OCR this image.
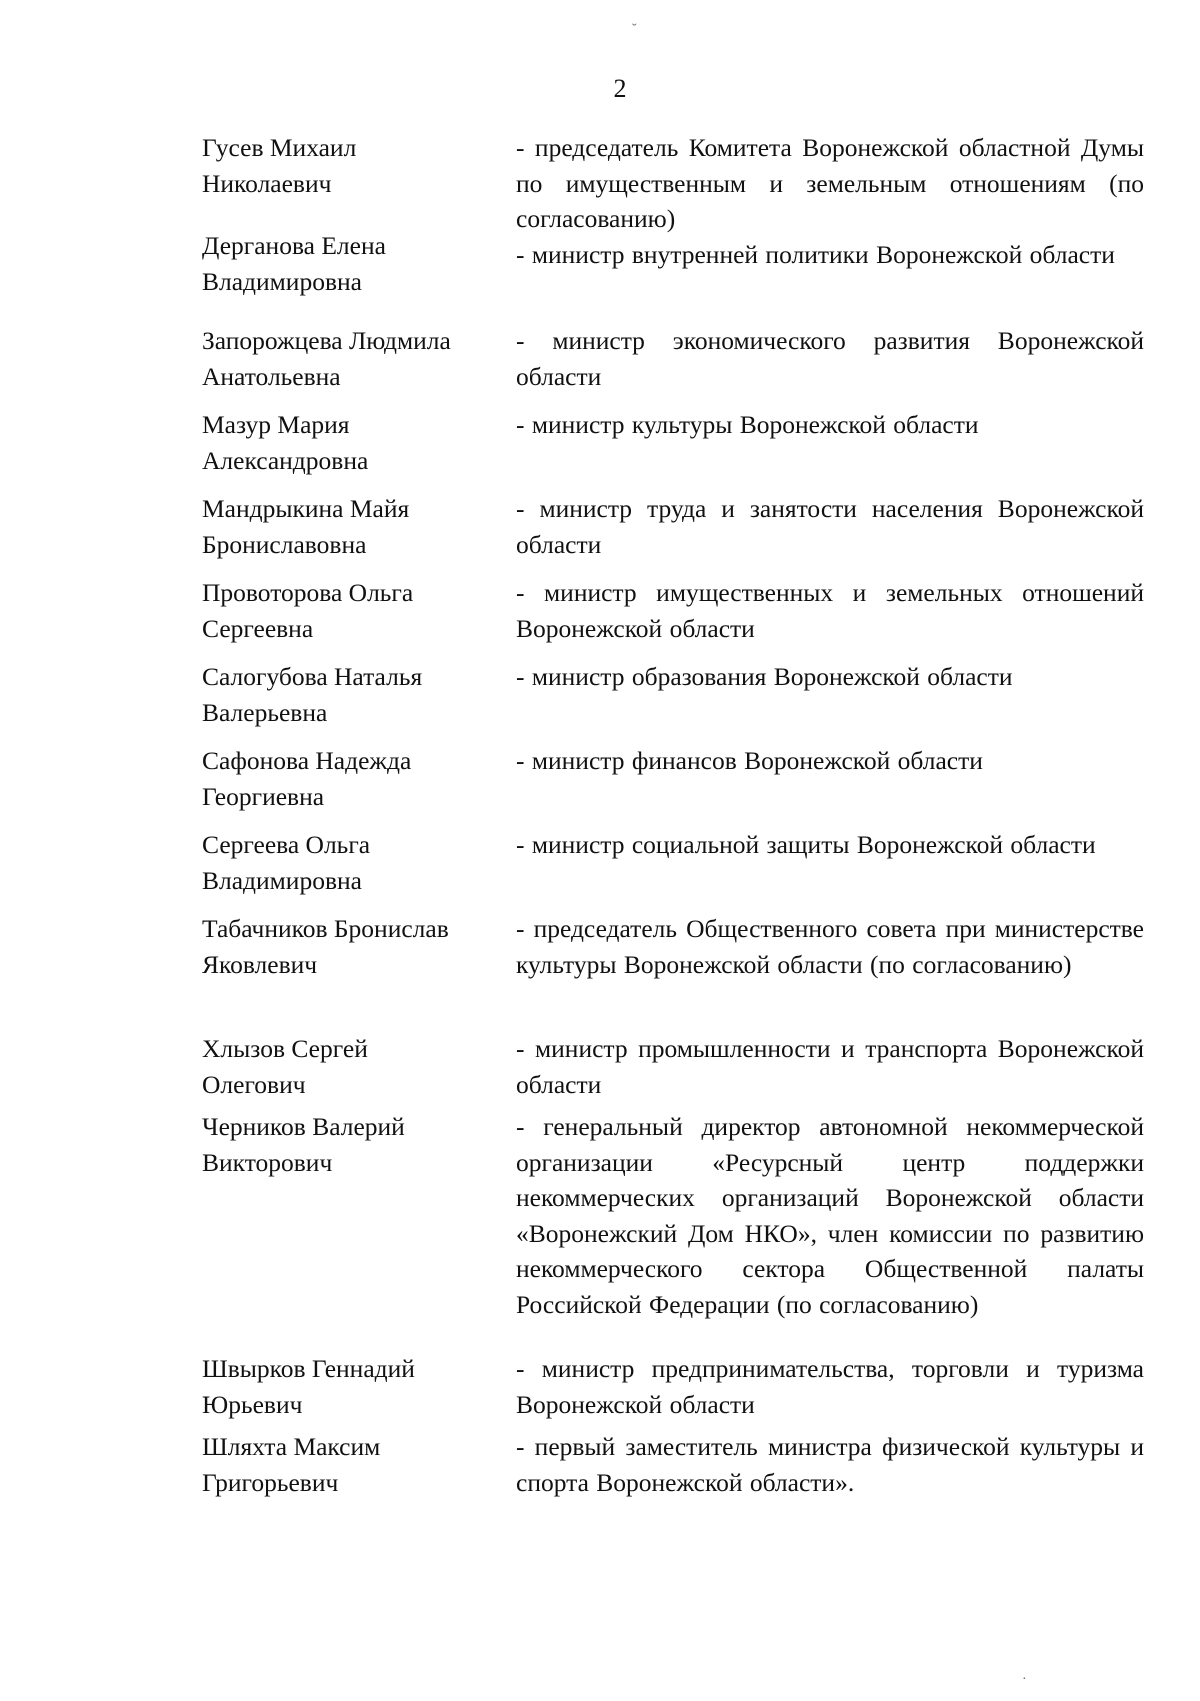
˘
2
Гусев Михаил
Николаевич
- председатель Комитета Воронежской областной Думы по имущественным и земельным отношениям (по согласованию)
Дерганова Елена
Владимировна
- министр внутренней политики Воронежской области
Запорожцева Людмила
Анатольевна
- министр экономического развития Воронежской области
Мазур Мария
Александровна
- министр культуры Воронежской области
Мандрыкина Майя
Брониславовна
- министр труда и занятости населения Воронежской области
Провоторова Ольга
Сергеевна
- министр имущественных и земельных отношений Воронежской области
Салогубова Наталья
Валерьевна
- министр образования Воронежской области
Сафонова Надежда
Георгиевна
- министр финансов Воронежской области
Сергеева Ольга
Владимировна
- министр социальной защиты Воронежской области
Табачников Бронислав
Яковлевич
- председатель Общественного совета при министерстве культуры Воронежской области (по согласованию)
Хлызов Сергей
Олегович
- министр промышленности и транспорта Воронежской области
Черников Валерий
Викторович
- генеральный директор автономной некоммерческой организации «Ресурсный центр поддержки некоммерческих организаций Воронежской области «Воронежский Дом НКО», член комиссии по развитию некоммерческого сектора Общественной палаты Российской Федерации (по согласованию)
Швырков Геннадий
Юрьевич
- министр предпринимательства, торговли и туризма Воронежской области
Шляхта Максим
Григорьевич
- первый заместитель министра физической культуры и спорта Воронежской области».
·
